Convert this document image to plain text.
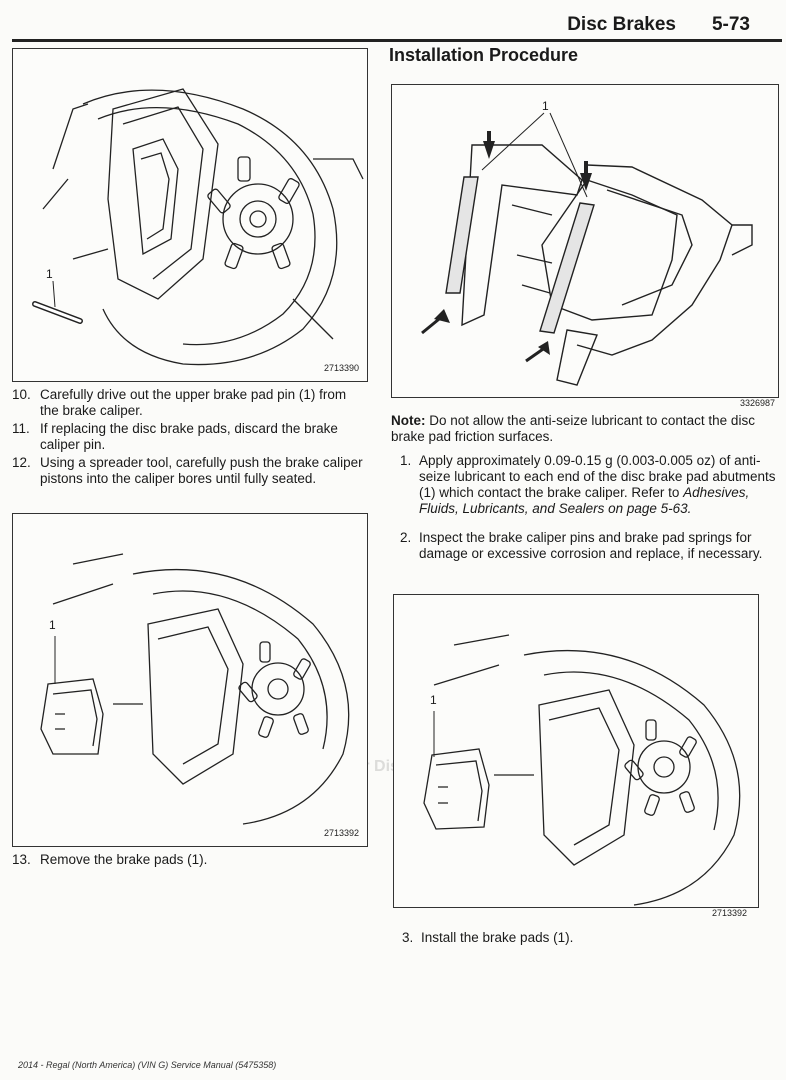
Disc Brakes 5-73
Disc
1
2713390
10. Carefully drive out the upper brake pad pin (1) from the brake caliper.
11. If replacing the disc brake pads, discard the brake caliper pin.
12. Using a spreader tool, carefully push the brake caliper pistons into the caliper bores until fully seated.
1
2713392
13. Remove the brake pads (1).
Installation Procedure
1
3326987
Note: Do not allow the anti-seize lubricant to contact the disc brake pad friction surfaces.
1. Apply approximately 0.09-0.15 g (0.003-0.005 oz) of anti-seize lubricant to each end of the disc brake pad abutments (1) which contact the brake caliper. Refer to Adhesives, Fluids, Lubricants, and Sealers on page 5-63.
2. Inspect the brake caliper pins and brake pad springs for damage or excessive corrosion and replace, if necessary.
1
2713392
3. Install the brake pads (1).
2014 - Regal (North America) (VIN G) Service Manual (5475358)
